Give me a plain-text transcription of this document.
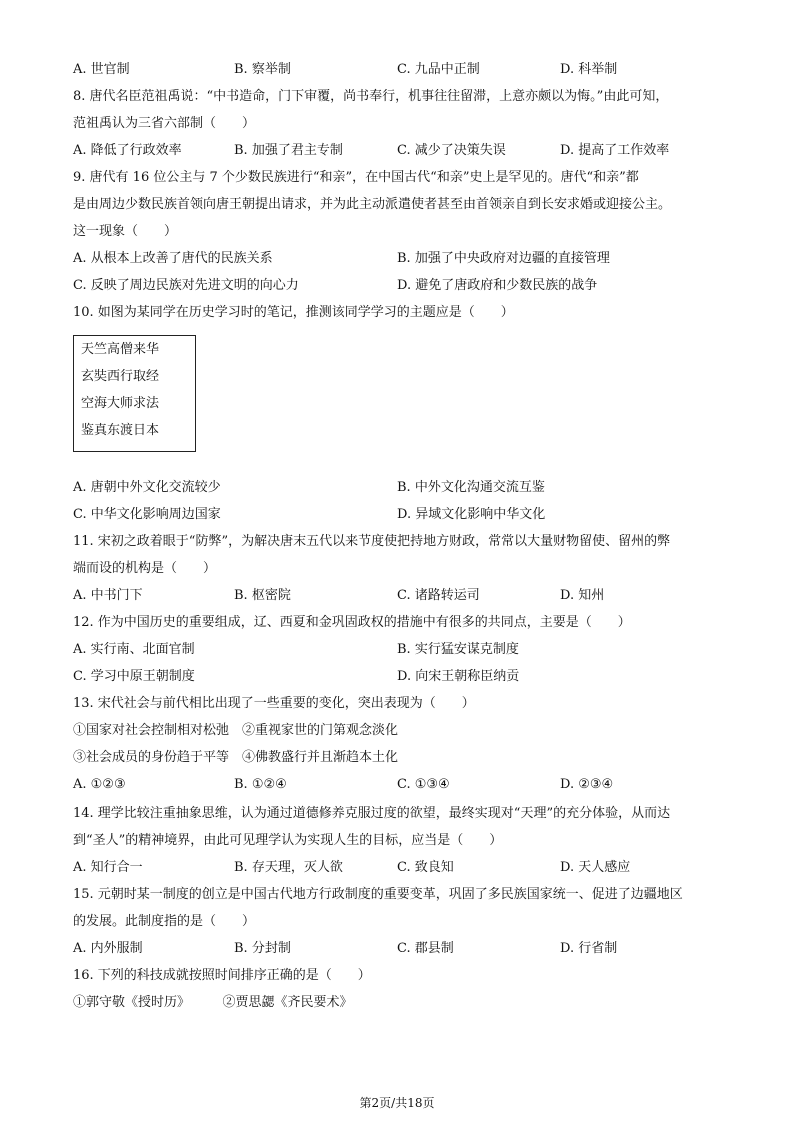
A. 世官制	B. 察举制	C. 九品中正制	D. 科举制
8. 唐代名臣范祖禹说：“中书造命，门下审覆，尚书奉行，机事往往留滞，上意亦颇以为悔。”由此可知，
范祖禹认为三省六部制（　　）
A. 降低了行政效率	B. 加强了君主专制	C. 减少了决策失误	D. 提高了工作效率
9. 唐代有 16 位公主与 7 个少数民族进行“和亲”，在中国古代“和亲”史上是罕见的。唐代“和亲”都
是由周边少数民族首领向唐王朝提出请求，并为此主动派遣使者甚至由首领亲自到长安求婚或迎接公主。
这一现象（　　）
A. 从根本上改善了唐代的民族关系	B. 加强了中央政府对边疆的直接管理
C. 反映了周边民族对先进文明的向心力	D. 避免了唐政府和少数民族的战争
10. 如图为某同学在历史学习时的笔记，推测该同学学习的主题应是（　　）
天竺高僧来华
玄奘西行取经
空海大师求法
鉴真东渡日本
A. 唐朝中外文化交流较少	B. 中外文化沟通交流互鉴
C. 中华文化影响周边国家	D. 异域文化影响中华文化
11. 宋初之政着眼于“防弊”，为解决唐末五代以来节度使把持地方财政，常常以大量财物留使、留州的弊
端而设的机构是（　　）
A. 中书门下	B. 枢密院	C. 诸路转运司	D. 知州
12. 作为中国历史的重要组成，辽、西夏和金巩固政权的措施中有很多的共同点，主要是（　　）
A. 实行南、北面官制	B. 实行猛安谋克制度
C. 学习中原王朝制度	D. 向宋王朝称臣纳贡
13. 宋代社会与前代相比出现了一些重要的变化，突出表现为（　　）
①国家对社会控制相对松弛　②重视家世的门第观念淡化
③社会成员的身份趋于平等　④佛教盛行并且渐趋本土化
A. ①②③	B. ①②④	C. ①③④	D. ②③④
14. 理学比较注重抽象思维，认为通过道德修养克服过度的欲望，最终实现对“天理”的充分体验，从而达
到“圣人”的精神境界，由此可见理学认为实现人生的目标，应当是（　　）
A. 知行合一	B. 存天理，灭人欲	C. 致良知	D. 天人感应
15. 元朝时某一制度的创立是中国古代地方行政制度的重要变革，巩固了多民族国家统一、促进了边疆地区
的发展。此制度指的是（　　）
A. 内外服制	B. 分封制	C. 郡县制	D. 行省制
16. 下列的科技成就按照时间排序正确的是（　　）
①郭守敬《授时历》　　　②贾思勰《齐民要术》
第2页/共18页
